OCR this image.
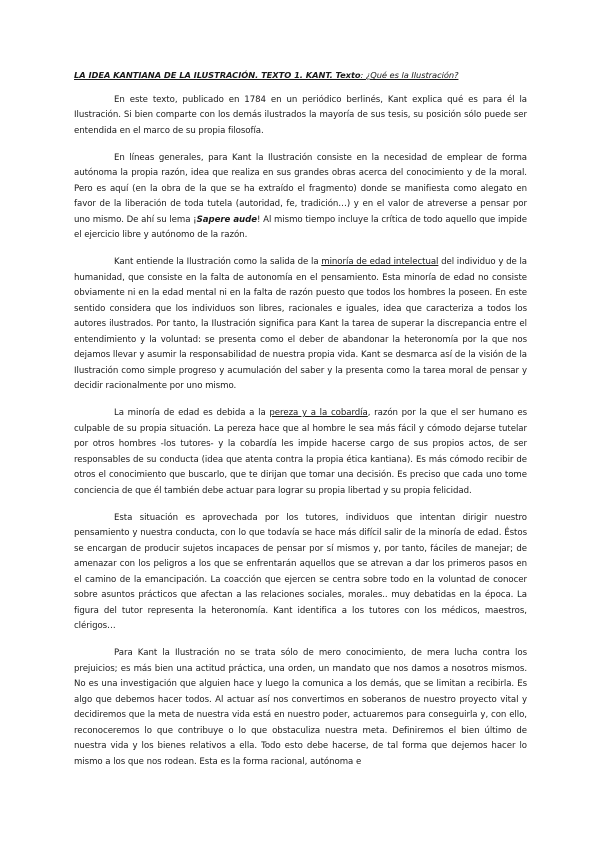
LA IDEA KANTIANA DE LA ILUSTRACIÓN. TEXTO 1. KANT. Texto: ¿Qué es la Ilustración?

En este texto, publicado en 1784 en un periódico berlinés, Kant explica qué es para él la Ilustración. Si bien comparte con los demás ilustrados la mayoría de sus tesis, su posición sólo puede ser entendida en el marco de su propia filosofía.

En líneas generales, para Kant la Ilustración consiste en la necesidad de emplear de forma autónoma la propia razón, idea que realiza en sus grandes obras acerca del conocimiento y de la moral. Pero es aquí (en la obra de la que se ha extraído el fragmento) donde se manifiesta como alegato en favor de la liberación de toda tutela (autoridad, fe, tradición…) y en el valor de atreverse a pensar por uno mismo. De ahí su lema ¡Sapere aude! Al mismo tiempo incluye la crítica de todo aquello que impide el ejercicio libre y autónomo de la razón.

Kant entiende la Ilustración como la salida de la minoría de edad intelectual del individuo y de la humanidad, que consiste en la falta de autonomía en el pensamiento. Esta minoría de edad no consiste obviamente ni en la edad mental ni en la falta de razón puesto que todos los hombres la poseen. En este sentido considera que los individuos son libres, racionales e iguales, idea que caracteriza a todos los autores ilustrados. Por tanto, la Ilustración significa para Kant la tarea de superar la discrepancia entre el entendimiento y la voluntad: se presenta como el deber de abandonar la heteronomía por la que nos dejamos llevar y asumir la responsabilidad de nuestra propia vida. Kant se desmarca así de la visión de la Ilustración como simple progreso y acumulación del saber y la presenta como la tarea moral de pensar y decidir racionalmente por uno mismo.

La minoría de edad es debida a la pereza y a la cobardía, razón por la que el ser humano es culpable de su propia situación. La pereza hace que al hombre le sea más fácil y cómodo dejarse tutelar por otros hombres -los tutores- y la cobardía les impide hacerse cargo de sus propios actos, de ser responsables de su conducta (idea que atenta contra la propia ética kantiana). Es más cómodo recibir de otros el conocimiento que buscarlo, que te dirijan que tomar una decisión. Es preciso que cada uno tome conciencia de que él también debe actuar para lograr su propia libertad y su propia felicidad.

Esta situación es aprovechada por los tutores, individuos que intentan dirigir nuestro pensamiento y nuestra conducta, con lo que todavía se hace más difícil salir de la minoría de edad. Éstos se encargan de producir sujetos incapaces de pensar por sí mismos y, por tanto, fáciles de manejar; de amenazar con los peligros a los que se enfrentarán aquellos que se atrevan a dar los primeros pasos en el camino de la emancipación. La coacción que ejercen se centra sobre todo en la voluntad de conocer sobre asuntos prácticos que afectan a las relaciones sociales, morales.. muy debatidas en la época. La figura del tutor representa la heteronomía. Kant identifica a los tutores con los médicos, maestros, clérigos…

Para Kant la Ilustración no se trata sólo de mero conocimiento, de mera lucha contra los prejuicios; es más bien una actitud práctica, una orden, un mandato que nos damos a nosotros mismos. No es una investigación que alguien hace y luego la comunica a los demás, que se limitan a recibirla. Es algo que debemos hacer todos. Al actuar así nos convertimos en soberanos de nuestro proyecto vital y decidiremos que la meta de nuestra vida está en nuestro poder, actuaremos para conseguirla y, con ello, reconoceremos lo que contribuye o lo que obstaculiza nuestra meta. Definiremos el bien último de nuestra vida y los bienes relativos a ella. Todo esto debe hacerse, de tal forma que dejemos hacer lo mismo a los que nos rodean. Esta es la forma racional, autónoma e
